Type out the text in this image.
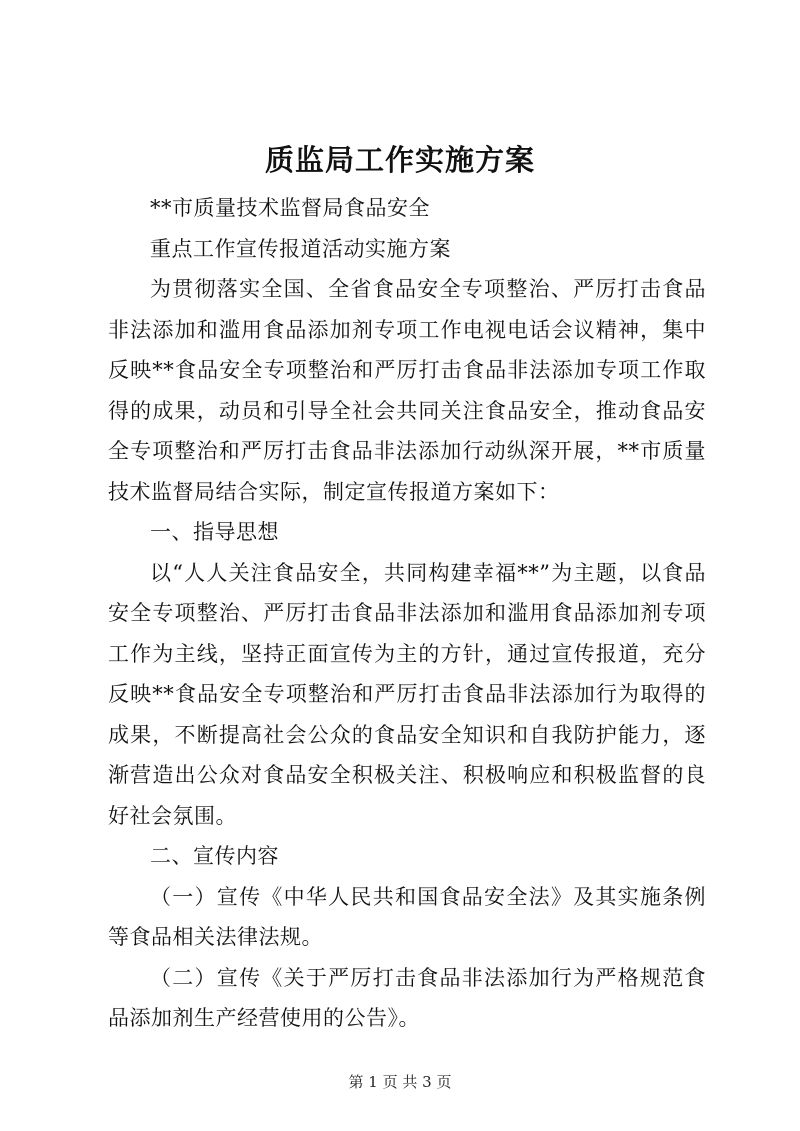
质监局工作实施方案

**市质量技术监督局食品安全

重点工作宣传报道活动实施方案

为贯彻落实全国、全省食品安全专项整治、严厉打击食品非法添加和滥用食品添加剂专项工作电视电话会议精神，集中反映**食品安全专项整治和严厉打击食品非法添加专项工作取得的成果，动员和引导全社会共同关注食品安全，推动食品安全专项整治和严厉打击食品非法添加行动纵深开展，**市质量技术监督局结合实际，制定宣传报道方案如下：

一、指导思想

以“人人关注食品安全，共同构建幸福**”为主题，以食品安全专项整治、严厉打击食品非法添加和滥用食品添加剂专项工作为主线，坚持正面宣传为主的方针，通过宣传报道，充分反映**食品安全专项整治和严厉打击食品非法添加行为取得的成果，不断提高社会公众的食品安全知识和自我防护能力，逐渐营造出公众对食品安全积极关注、积极响应和积极监督的良好社会氛围。

二、宣传内容

（一）宣传《中华人民共和国食品安全法》及其实施条例等食品相关法律法规。

（二）宣传《关于严厉打击食品非法添加行为严格规范食品添加剂生产经营使用的公告》。

第 1 页 共 3 页
